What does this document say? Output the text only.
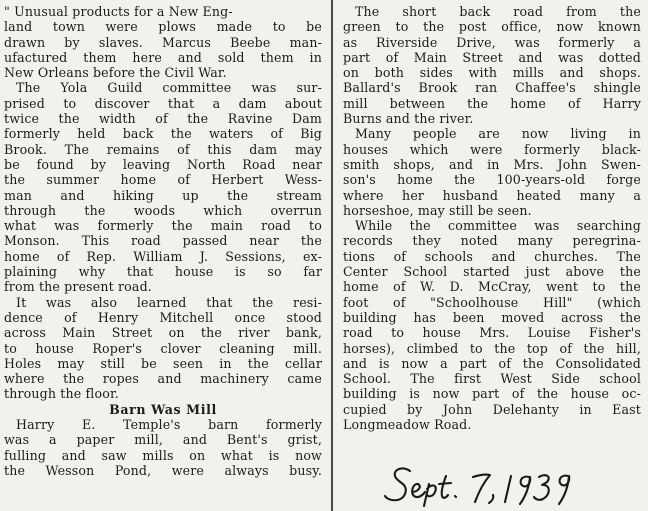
" Unusual products for a New Eng-
land town were plows made to be
drawn by slaves. Marcus Beebe man-
ufactured them here and sold them in
New Orleans before the Civil War.
The Yola Guild committee was sur-
prised to discover that a dam about
twice the width of the Ravine Dam
formerly held back the waters of Big
Brook. The remains of this dam may
be found by leaving North Road near
the summer home of Herbert Wess-
man and hiking up the stream
through the woods which overrun
what was formerly the main road to
Monson. This road passed near the
home of Rep. William J. Sessions, ex-
plaining why that house is so far
from the present road.
It was also learned that the resi-
dence of Henry Mitchell once stood
across Main Street on the river bank,
to house Roper's clover cleaning mill.
Holes may still be seen in the cellar
where the ropes and machinery came
through the floor.
Barn Was Mill
Harry E. Temple's barn formerly
was a paper mill, and Bent's grist,
fulling and saw mills on what is now
the Wesson Pond, were always busy.
The short back road from the
green to the post office, now known
as Riverside Drive, was formerly a
part of Main Street and was dotted
on both sides with mills and shops.
Ballard's Brook ran Chaffee's shingle
mill between the home of Harry
Burns and the river.
Many people are now living in
houses which were formerly black-
smith shops, and in Mrs. John Swen-
son's home the 100-years-old forge
where her husband heated many a
horseshoe, may still be seen.
While the committee was searching
records they noted many peregrina-
tions of schools and churches. The
Center School started just above the
home of W. D. McCray, went to the
foot of "Schoolhouse Hill" (which
building has been moved across the
road to house Mrs. Louise Fisher's
horses), climbed to the top of the hill,
and is now a part of the Consolidated
School. The first West Side school
building is now part of the house oc-
cupied by John Delehanty in East
Longmeadow Road.
